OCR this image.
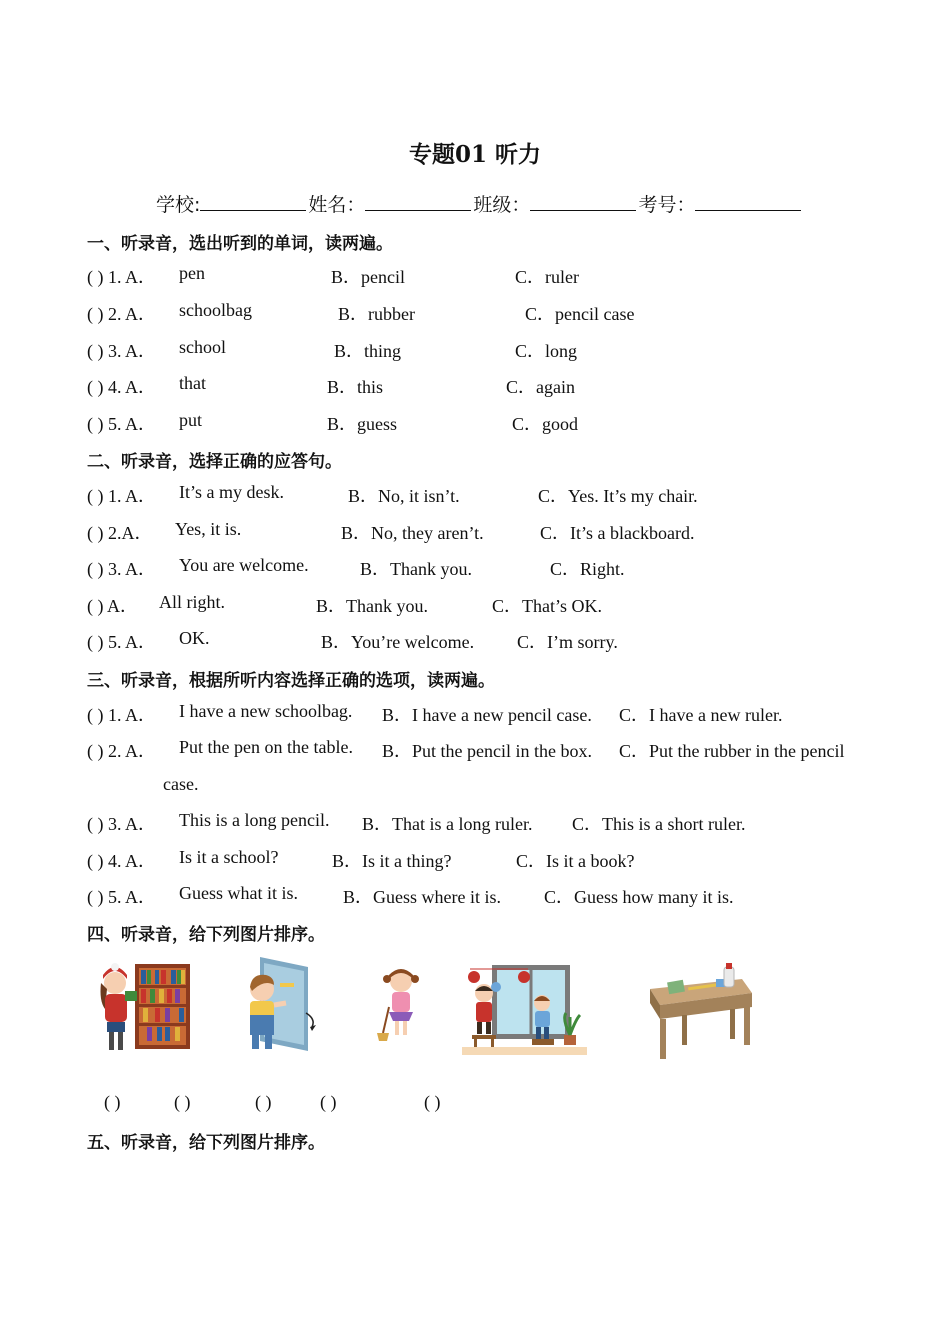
专题01 听力
学校:	姓名：	班级：	考号：
一、听录音，选出听到的单词，读两遍。
( ) 1. A． pen	B．pencil	C．ruler
( ) 2. A． schoolbag	B．rubber	C．pencil case
( ) 3. A． school	B．thing	C．long
( ) 4. A． that	B．this	C．again
( ) 5. A． put	B．guess	C．good
二、听录音，选择正确的应答句。
( ) 1. A． It’s a my desk.	B．No, it isn’t.	C．Yes. It’s my chair.
( ) 2.A． Yes, it is.	B．No, they aren’t.	C．It’s a blackboard.
( ) 3. A． You are welcome.	B．Thank you.	C．Right.
( ) A． All right.	B．Thank you.	C．That’s OK.
( ) 5. A． OK.	B．You’re welcome. C．I’m sorry.
三、听录音，根据所听内容选择正确的选项，读两遍。
( ) 1. A． I have a new schoolbag. B．I have a new pencil case. C．I have a new ruler.
( ) 2. A． Put the pen on the table. B．Put the pencil in the box. C．Put the rubber in the pencil
case.
( ) 3. A． This is a long pencil. B．That is a long ruler. C．This is a short ruler.
( ) 4. A． Is it a school?	B．Is it a thing?	C．Is it a book?
( ) 5. A． Guess what it is.	B．Guess where it is. C．Guess how many it is.
四、听录音，给下列图片排序。
( )	( )	( )	( )	( )
五、听录音，给下列图片排序。
